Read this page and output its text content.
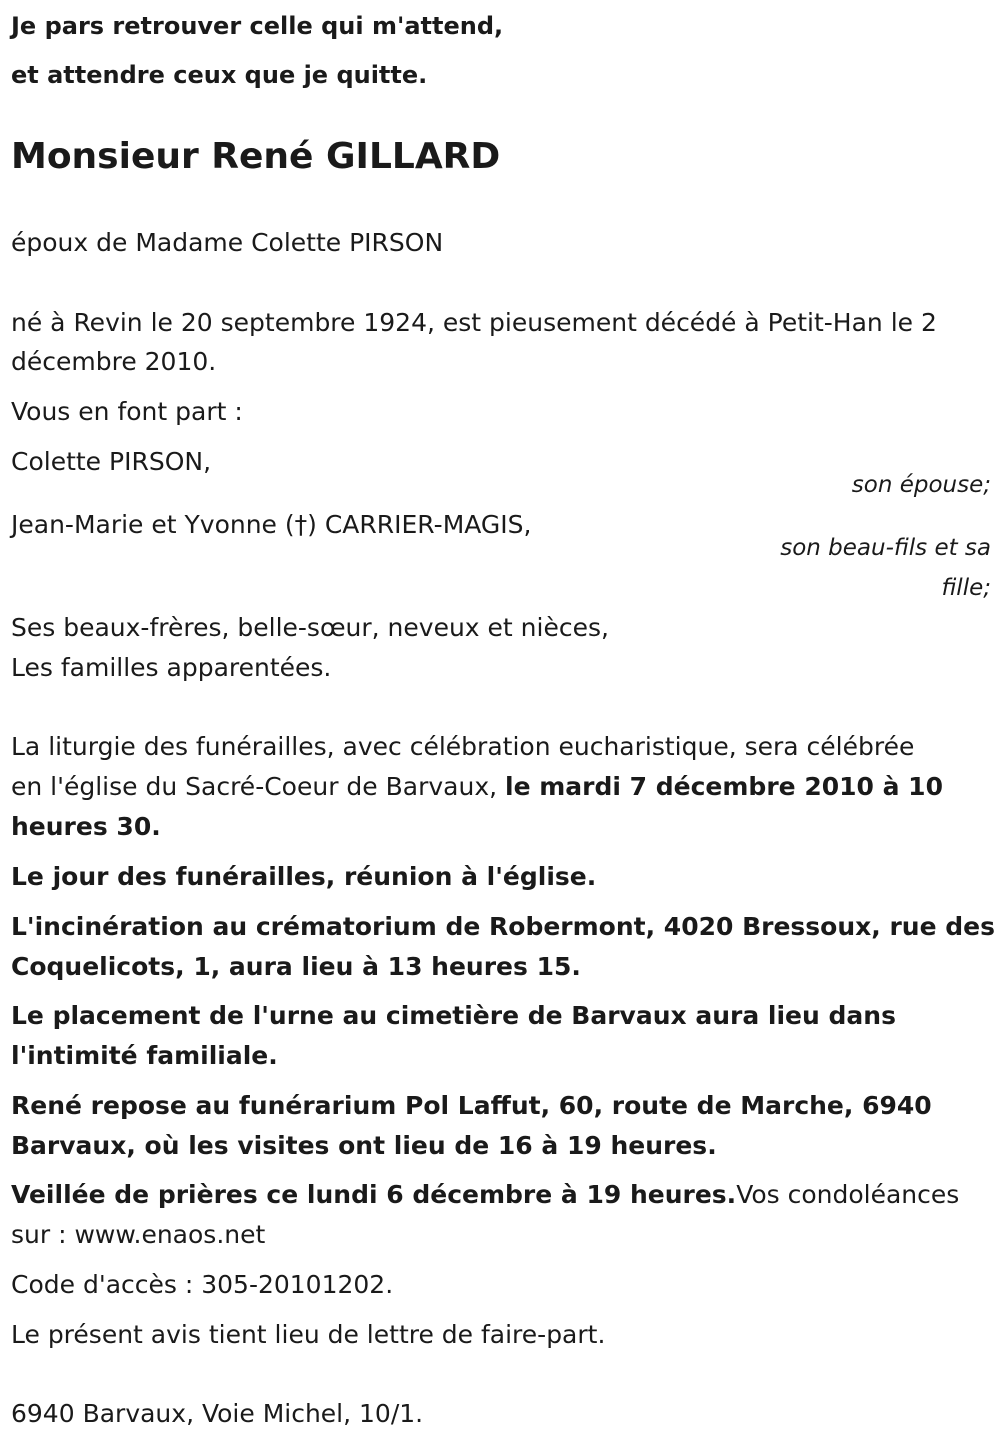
Je pars retrouver celle qui m'attend,
et attendre ceux que je quitte.
Monsieur René GILLARD
époux de Madame Colette PIRSON
né à Revin le 20 septembre 1924, est pieusement décédé à Petit-Han le 2
décembre 2010.
Vous en font part :
Colette PIRSON,
son épouse;
Jean-Marie et Yvonne (†) CARRIER-MAGIS,
son beau-fils et sa
fille;
Ses beaux-frères, belle-sœur, neveux et nièces,
Les familles apparentées.
La liturgie des funérailles, avec célébration eucharistique, sera célébrée
en l'église du Sacré-Coeur de Barvaux, le mardi 7 décembre 2010 à 10
heures 30.
Le jour des funérailles, réunion à l'église.
L'incinération au crématorium de Robermont, 4020 Bressoux, rue des
Coquelicots, 1, aura lieu à 13 heures 15.
Le placement de l'urne au cimetière de Barvaux aura lieu dans
l'intimité familiale.
René repose au funérarium Pol Laffut, 60, route de Marche, 6940
Barvaux, où les visites ont lieu de 16 à 19 heures.
Veillée de prières ce lundi 6 décembre à 19 heures.Vos condoléances
sur : www.enaos.net
Code d'accès : 305-20101202.
Le présent avis tient lieu de lettre de faire-part.
6940 Barvaux, Voie Michel, 10/1.
